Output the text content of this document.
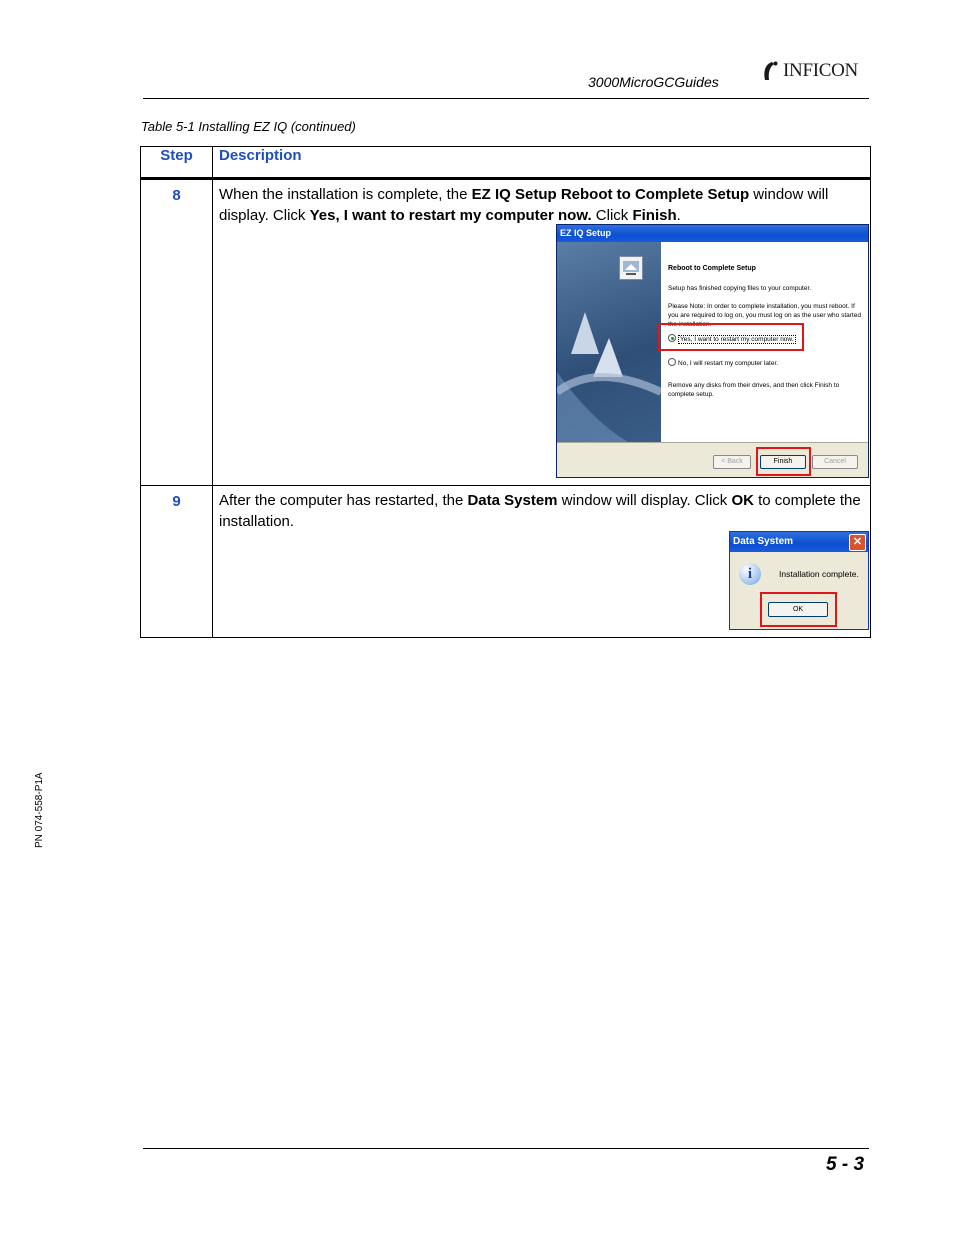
3000MicroGCGuides
INFICON
Table 5-1 Installing EZ IQ (continued)
Step	Description
8	When the installation is complete, the EZ IQ Setup Reboot to Complete Setup window will display. Click Yes, I want to restart my computer now. Click Finish.

9	After the computer has restarted, the Data System window will display. Click OK to complete the installation.
EZ IQ Setup
Reboot to Complete Setup
Setup has finished copying files to your computer.
Please Note: In order to complete installation, you must reboot. If you are required to log on, you must log on as the user who started the installation.
Yes, I want to restart my computer now.
No, I will restart my computer later.
Remove any disks from their drives, and then click Finish to complete setup.
< Back	Finish	Cancel
Data System	✕
i	Installation complete.
OK
PN 074-558-P1A
5 - 3
